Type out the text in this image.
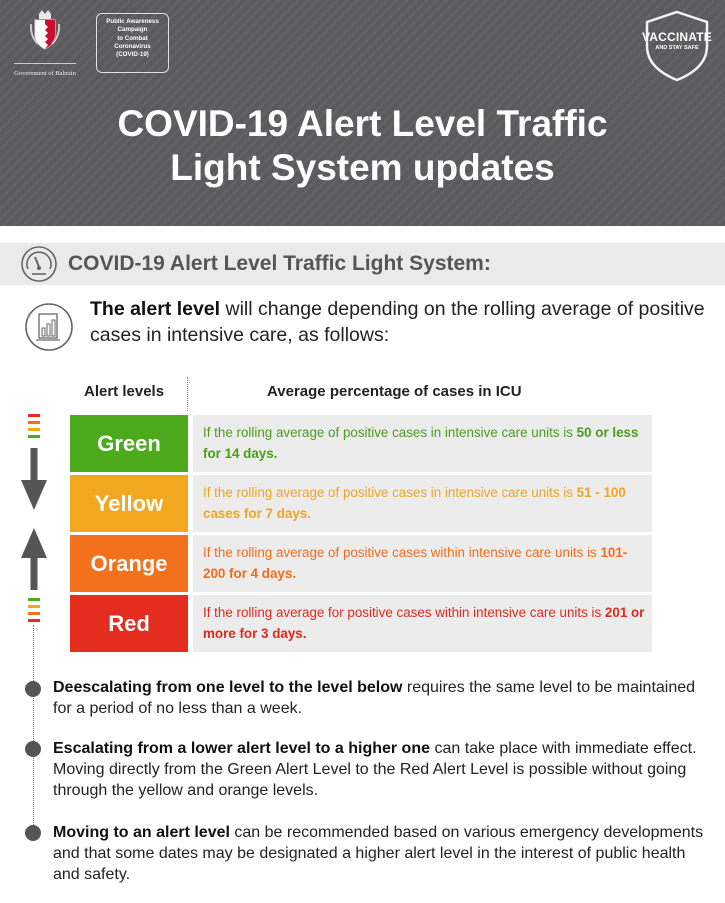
Government of Bahrain
Public Awareness
Campaign
to Combat
Coronavirus
(COVID-19)
VACCINATE
AND STAY SAFE
COVID-19 Alert Level Traffic
Light System updates
COVID-19 Alert Level Traffic Light System:
The alert level will change depending on the rolling average of positive cases in intensive care, as follows:
Alert levels	Average percentage of cases in ICU
Green	If the rolling average of positive cases in intensive care units is 50 or less for 14 days.
Yellow	If the rolling average of positive cases in intensive care units is 51 - 100 cases for 7 days.
Orange	If the rolling average of positive cases within intensive care units is 101- 200 for 4 days.
Red	If the rolling average for positive cases within intensive care units is 201 or more for 3 days.
Deescalating from one level to the level below requires the same level to be maintained for a period of no less than a week.
Escalating from a lower alert level to a higher one can take place with immediate effect. Moving directly from the Green Alert Level to the Red Alert Level is possible without going through the yellow and orange levels.
Moving to an alert level can be recommended based on various emergency developments and that some dates may be designated a higher alert level in the interest of public health and safety.
